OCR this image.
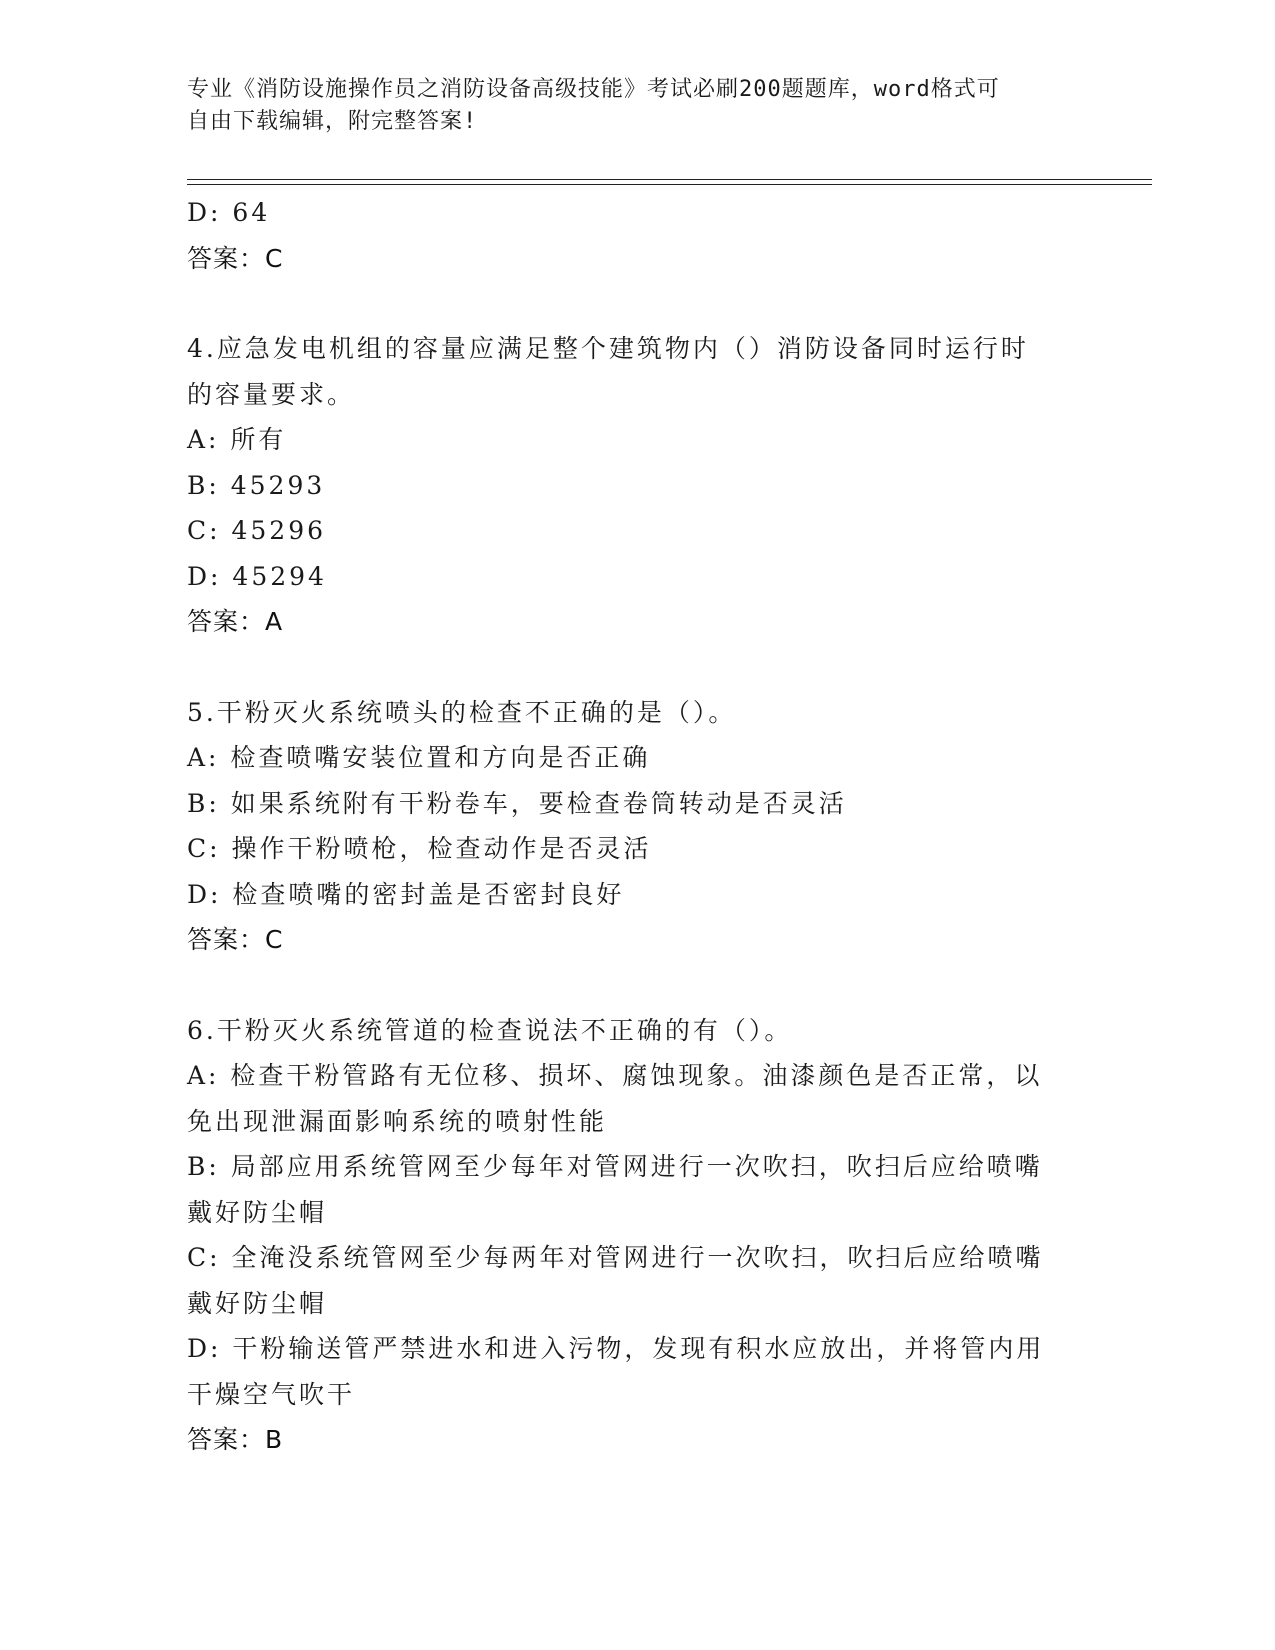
专业《消防设施操作员之消防设备高级技能》考试必刷200题题库，word格式可
自由下载编辑，附完整答案!
D: 64
答案：C
4.应急发电机组的容量应满足整个建筑物内（）消防设备同时运行时
的容量要求。
A: 所有
B: 45293
C: 45296
D: 45294
答案：A
5.干粉灭火系统喷头的检查不正确的是（）。
A: 检查喷嘴安装位置和方向是否正确
B: 如果系统附有干粉卷车，要检查卷筒转动是否灵活
C: 操作干粉喷枪，检查动作是否灵活
D: 检查喷嘴的密封盖是否密封良好
答案：C
6.干粉灭火系统管道的检查说法不正确的有（）。
A: 检查干粉管路有无位移、损坏、腐蚀现象。油漆颜色是否正常，以
免出现泄漏面影响系统的喷射性能
B: 局部应用系统管网至少每年对管网进行一次吹扫，吹扫后应给喷嘴
戴好防尘帽
C: 全淹没系统管网至少每两年对管网进行一次吹扫，吹扫后应给喷嘴
戴好防尘帽
D: 干粉输送管严禁进水和进入污物，发现有积水应放出，并将管内用
干燥空气吹干
答案：B
